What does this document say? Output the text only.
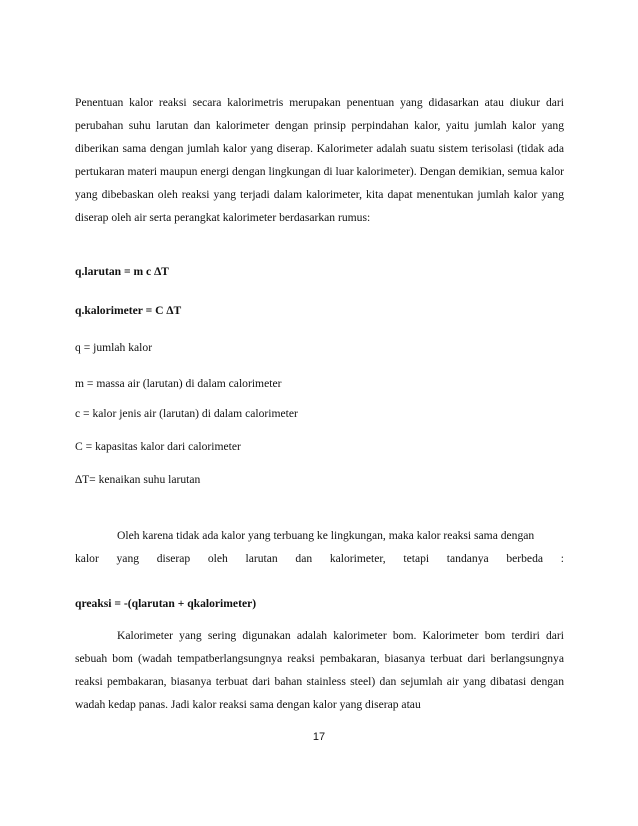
Penentuan kalor reaksi secara kalorimetris merupakan penentuan yang didasarkan atau diukur dari perubahan suhu larutan dan kalorimeter dengan prinsip perpindahan kalor, yaitu jumlah kalor yang diberikan sama dengan jumlah kalor yang diserap. Kalorimeter adalah suatu sistem terisolasi (tidak ada pertukaran materi maupun energi dengan lingkungan di luar kalorimeter). Dengan demikian, semua kalor yang dibebaskan oleh reaksi yang terjadi dalam kalorimeter, kita dapat menentukan jumlah kalor yang diserap oleh air serta perangkat kalorimeter berdasarkan rumus:
q.larutan = m c ∆T
q.kalorimeter = C ∆T
q = jumlah kalor
m = massa air (larutan) di dalam calorimeter
c = kalor jenis air (larutan) di dalam calorimeter
C = kapasitas kalor dari calorimeter
∆T= kenaikan suhu larutan
Oleh karena tidak ada kalor yang terbuang ke lingkungan, maka kalor reaksi sama dengan
kalor yang diserap oleh larutan dan kalorimeter, tetapi tandanya berbeda :
qreaksi = -(qlarutan + qkalorimeter)
Kalorimeter yang sering digunakan adalah kalorimeter bom. Kalorimeter bom terdiri dari sebuah bom (wadah tempatberlangsungnya reaksi pembakaran, biasanya terbuat dari berlangsungnya reaksi pembakaran, biasanya terbuat dari bahan stainless steel) dan sejumlah air yang dibatasi dengan wadah kedap panas. Jadi kalor reaksi sama dengan kalor yang diserap atau
17
